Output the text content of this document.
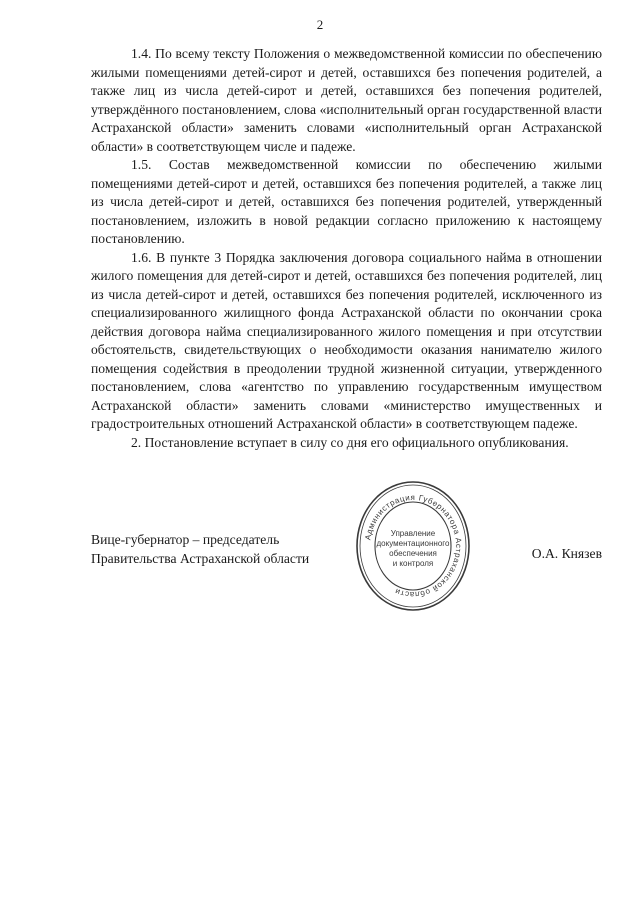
2

1.4. По всему тексту Положения о межведомственной комиссии по обеспечению жилыми помещениями детей-сирот и детей, оставшихся без попечения родителей, а также лиц из числа детей-сирот и детей, оставшихся без попечения родителей, утверждённого постановлением, слова «исполнительный орган государственной власти Астраханской области» заменить словами «исполнительный орган Астраханской области» в соответствующем числе и падеже.

1.5. Состав межведомственной комиссии по обеспечению жилыми помещениями детей-сирот и детей, оставшихся без попечения родителей, а также лиц из числа детей-сирот и детей, оставшихся без попечения родителей, утвержденный постановлением, изложить в новой редакции согласно приложению к настоящему постановлению.

1.6. В пункте 3 Порядка заключения договора социального найма в отношении жилого помещения для детей-сирот и детей, оставшихся без попечения родителей, лиц из числа детей-сирот и детей, оставшихся без попечения родителей, исключенного из специализированного жилищного фонда Астраханской области по окончании срока действия договора найма специализированного жилого помещения и при отсутствии обстоятельств, свидетельствующих о необходимости оказания нанимателю жилого помещения содействия в преодолении трудной жизненной ситуации, утвержденного постановлением, слова «агентство по управлению государственным имуществом Астраханской области» заменить словами «министерство имущественных и градостроительных отношений Астраханской области» в соответствующем падеже.

2. Постановление вступает в силу со дня его официального опубликования.

Вице-губернатор – председатель
Правительства Астраханской области
Администрация Губернатора Астраханской области
Управление
документационного
обеспечения
и контроля
О.А. Князев
